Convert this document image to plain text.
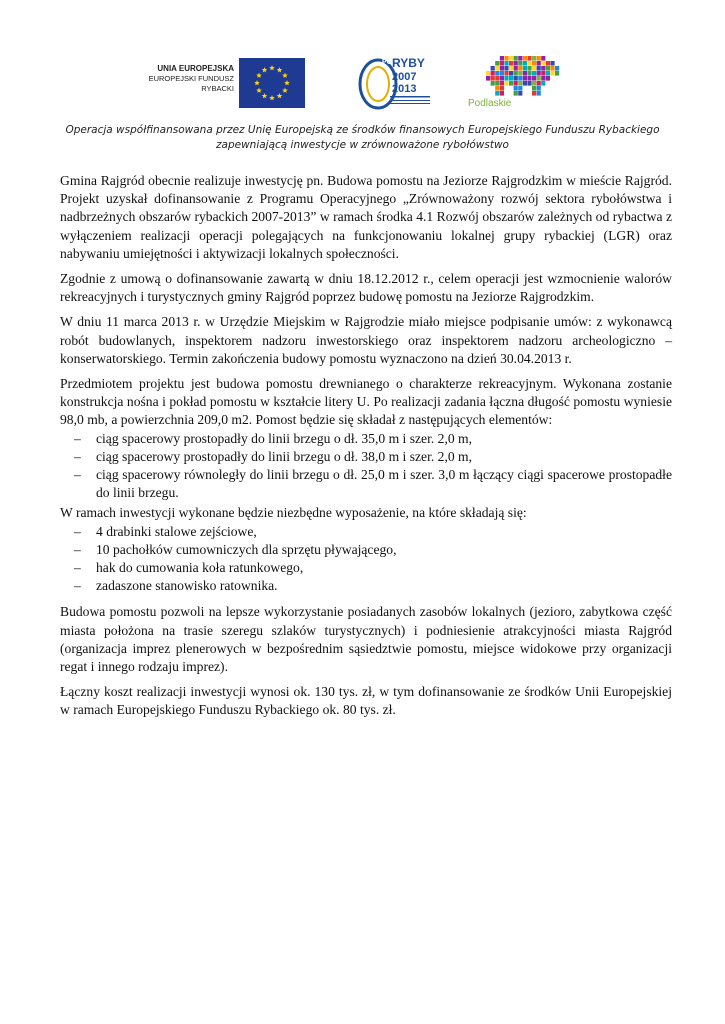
UNIA EUROPEJSKA
EUROPEJSKI FUNDUSZ
RYBACKI
PO RYBY
2007
2013
Podlaskie
Operacja współfinansowana przez Unię Europejską ze środków finansowych Europejskiego Funduszu Rybackiego
zapewniającą inwestycje w zrównoważone rybołówstwo

Gmina Rajgród obecnie realizuje inwestycję pn. Budowa pomostu na Jeziorze Rajgrodzkim w mieście Rajgród. Projekt uzyskał dofinansowanie z Programu Operacyjnego „Zrównoważony rozwój sektora rybołówstwa i nadbrzeżnych obszarów rybackich 2007-2013” w ramach środka 4.1 Rozwój obszarów zależnych od rybactwa z wyłączeniem realizacji operacji polegających na funkcjonowaniu lokalnej grupy rybackiej (LGR) oraz nabywaniu umiejętności i aktywizacji lokalnych społeczności.

Zgodnie z umową o dofinansowanie zawartą w dniu 18.12.2012 r., celem operacji jest wzmocnienie walorów rekreacyjnych i turystycznych gminy Rajgród poprzez budowę pomostu na Jeziorze Rajgrodzkim.

W dniu 11 marca 2013 r. w Urzędzie Miejskim w Rajgrodzie miało miejsce podpisanie umów: z wykonawcą robót budowlanych, inspektorem nadzoru inwestorskiego oraz inspektorem nadzoru archeologiczno – konserwatorskiego. Termin zakończenia budowy pomostu wyznaczono na dzień 30.04.2013 r.

Przedmiotem projektu jest budowa pomostu drewnianego o charakterze rekreacyjnym. Wykonana zostanie konstrukcja nośna i pokład pomostu w kształcie litery U. Po realizacji zadania łączna długość pomostu wyniesie 98,0 mb, a powierzchnia 209,0 m2. Pomost będzie się składał z następujących elementów:

– ciąg spacerowy prostopadły do linii brzegu o dł. 35,0 m i szer. 2,0 m,
– ciąg spacerowy prostopadły do linii brzegu o dł. 38,0 m i szer. 2,0 m,
– ciąg spacerowy równoległy do linii brzegu o dł. 25,0 m i szer. 3,0 m łączący ciągi spacerowe prostopadłe do linii brzegu.

W ramach inwestycji wykonane będzie niezbędne wyposażenie, na które składają się:

– 4 drabinki stalowe zejściowe,
– 10 pachołków cumowniczych dla sprzętu pływającego,
– hak do cumowania koła ratunkowego,
– zadaszone stanowisko ratownika.

Budowa pomostu pozwoli na lepsze wykorzystanie posiadanych zasobów lokalnych (jezioro, zabytkowa część miasta położona na trasie szeregu szlaków turystycznych) i podniesienie atrakcyjności miasta Rajgród (organizacja imprez plenerowych w bezpośrednim sąsiedztwie pomostu, miejsce widokowe przy organizacji regat i innego rodzaju imprez).

Łączny koszt realizacji inwestycji wynosi ok. 130 tys. zł, w tym dofinansowanie ze środków Unii Europejskiej w ramach Europejskiego Funduszu Rybackiego ok. 80 tys. zł.
